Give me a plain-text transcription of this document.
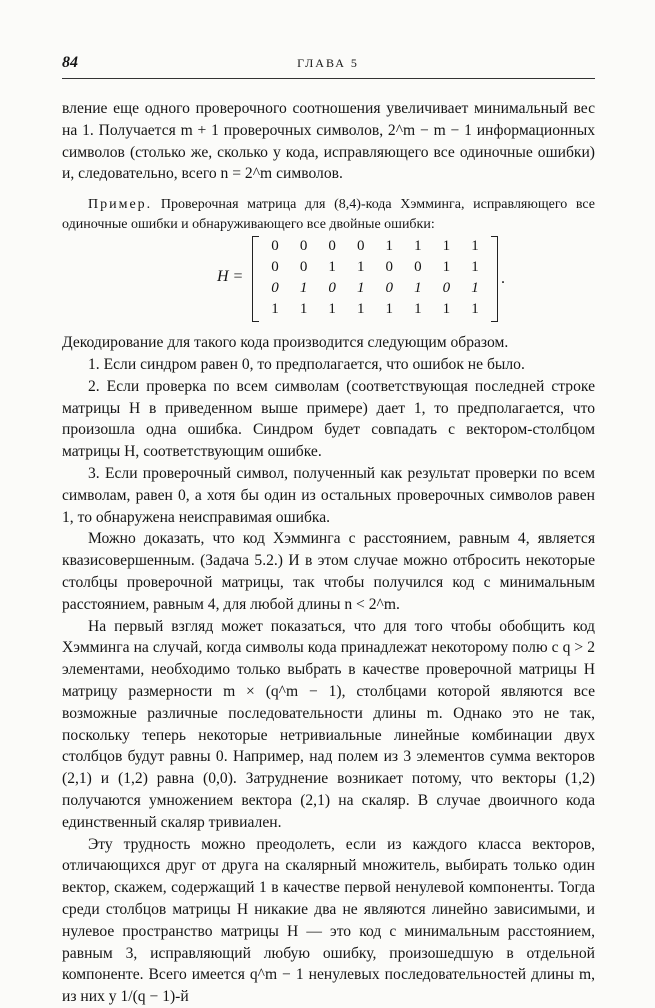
84	ГЛАВА 5

вление еще одного проверочного соотношения увеличивает минимальный вес на 1. Получается m + 1 проверочных символов, 2^m − m − 1 информационных символов (столько же, сколько у кода, исправляющего все одиночные ошибки) и, следовательно, всего n = 2^m символов.

Пример. Проверочная матрица для (8,4)-кода Хэмминга, исправляющего все одиночные ошибки и обнаруживающего все двойные ошибки:

H =
0	0	0	0	1	1	1	1
0	0	1	1	0	0	1	1
0	1	0	1	0	1	0	1
1	1	1	1	1	1	1	1
.

Декодирование для такого кода производится следующим образом.

1. Если синдром равен 0, то предполагается, что ошибок не было.

2. Если проверка по всем символам (соответствующая последней строке матрицы H в приведенном выше примере) дает 1, то предполагается, что произошла одна ошибка. Синдром будет совпадать с вектором-столбцом матрицы H, соответствующим ошибке.

3. Если проверочный символ, полученный как результат проверки по всем символам, равен 0, а хотя бы один из остальных проверочных символов равен 1, то обнаружена неисправимая ошибка.

Можно доказать, что код Хэмминга с расстоянием, равным 4, является квазисовершенным. (Задача 5.2.) И в этом случае можно отбросить некоторые столбцы проверочной матрицы, так чтобы получился код с минимальным расстоянием, равным 4, для любой длины n < 2^m.

На первый взгляд может показаться, что для того чтобы обобщить код Хэмминга на случай, когда символы кода принадлежат некоторому полю с q > 2 элементами, необходимо только выбрать в качестве проверочной матрицы H матрицу размерности m × (q^m − 1), столбцами которой являются все возможные различные последовательности длины m. Однако это не так, поскольку теперь некоторые нетривиальные линейные комбинации двух столбцов будут равны 0. Например, над полем из 3 элементов сумма векторов (2,1) и (1,2) равна (0,0). Затруднение возникает потому, что векторы (1,2) получаются умножением вектора (2,1) на скаляр. В случае двоичного кода единственный скаляр тривиален.

Эту трудность можно преодолеть, если из каждого класса векторов, отличающихся друг от друга на скалярный множитель, выбирать только один вектор, скажем, содержащий 1 в качестве первой ненулевой компоненты. Тогда среди столбцов матрицы H никакие два не являются линейно зависимыми, и нулевое пространство матрицы H — это код с минимальным расстоянием, равным 3, исправляющий любую ошибку, произошедшую в отдельной компоненте. Всего имеется q^m − 1 ненулевых последовательностей длины m, из них у 1/(q − 1)-й
